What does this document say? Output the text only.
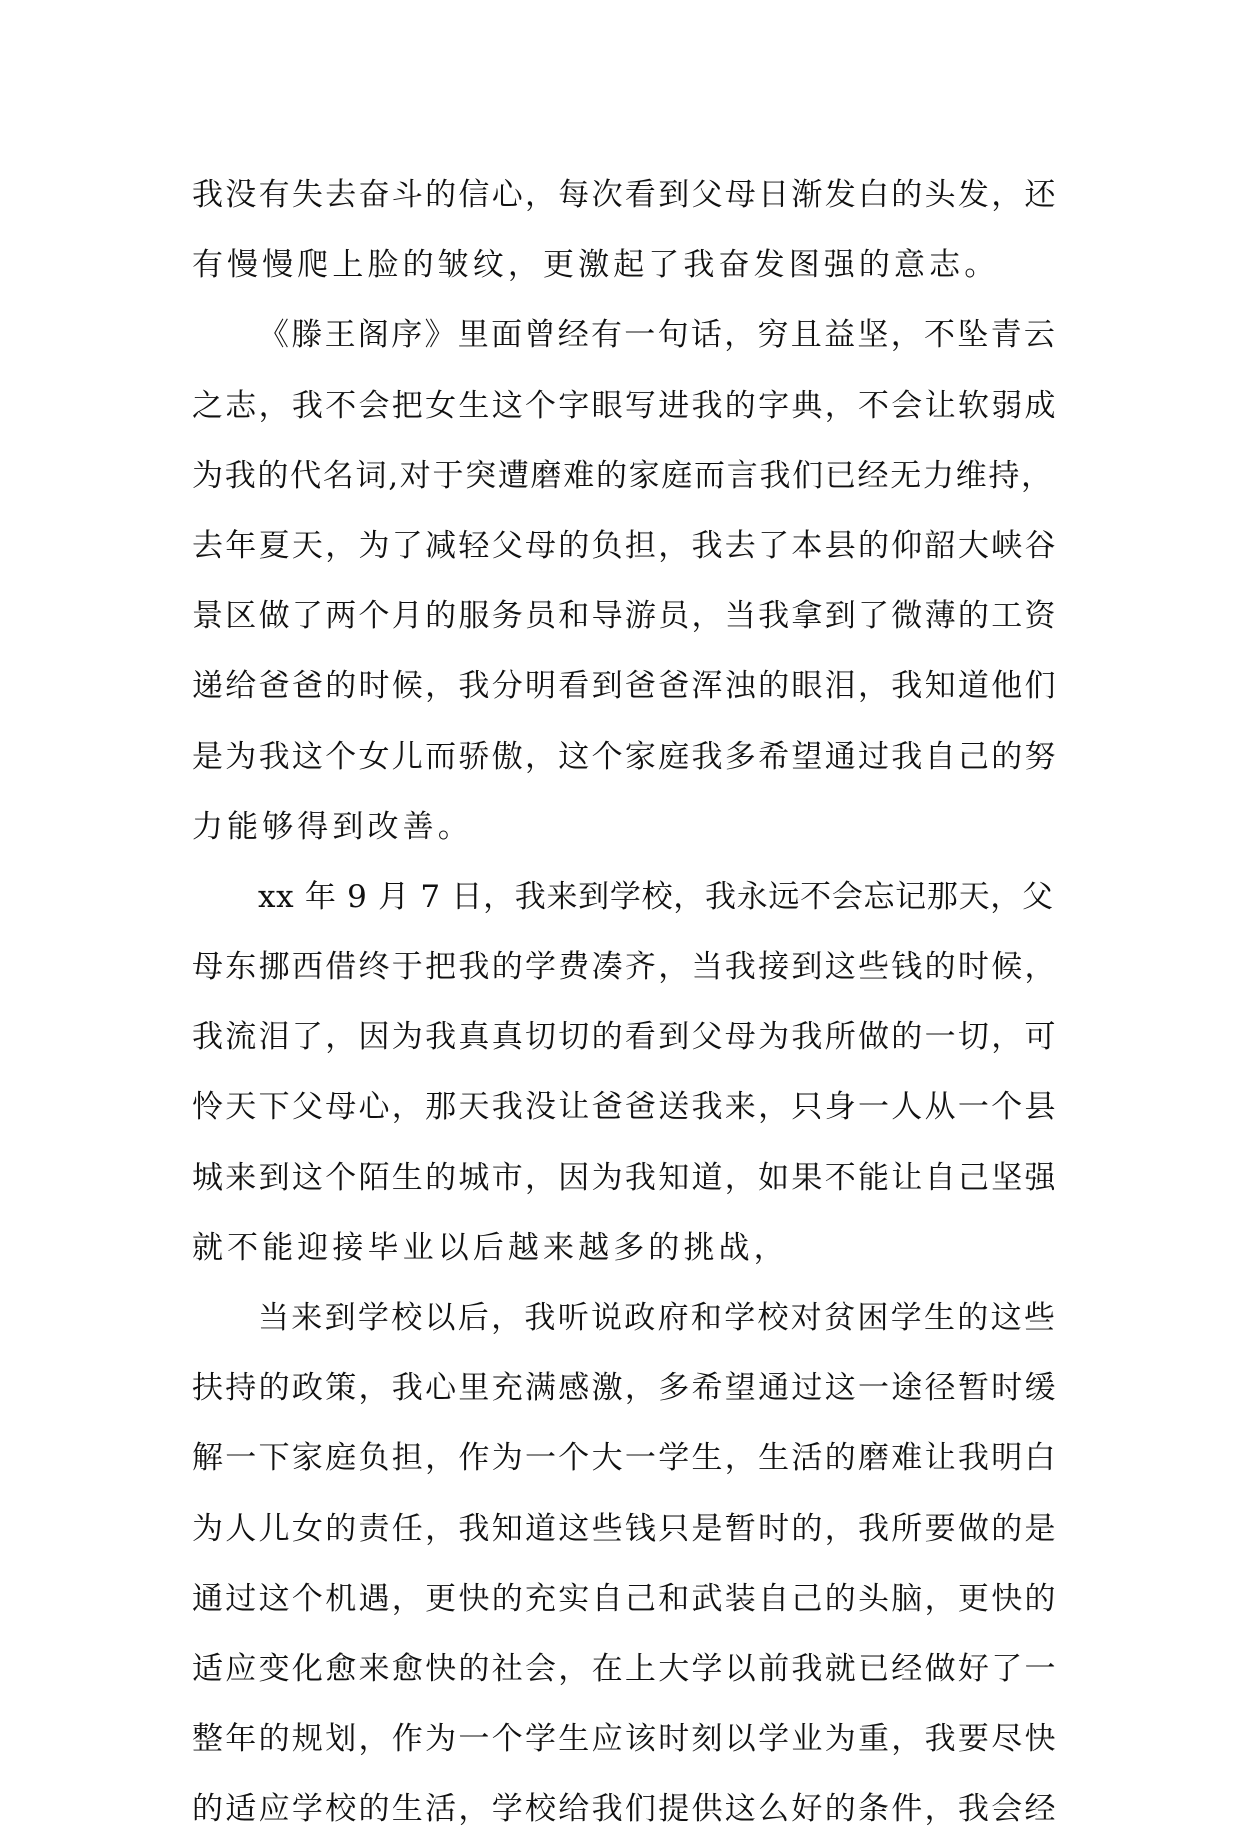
我没有失去奋斗的信心，每次看到父母日渐发白的头发，还
有慢慢爬上脸的皱纹，更激起了我奋发图强的意志。
《滕王阁序》里面曾经有一句话，穷且益坚，不坠青云
之志，我不会把女生这个字眼写进我的字典，不会让软弱成
为我的代名词,对于突遭磨难的家庭而言我们已经无力维持，
去年夏天，为了减轻父母的负担，我去了本县的仰韶大峡谷
景区做了两个月的服务员和导游员，当我拿到了微薄的工资
递给爸爸的时候，我分明看到爸爸浑浊的眼泪，我知道他们
是为我这个女儿而骄傲，这个家庭我多希望通过我自己的努
力能够得到改善。
xx 年 9 月 7 日，我来到学校，我永远不会忘记那天，父
母东挪西借终于把我的学费凑齐，当我接到这些钱的时候，
我流泪了，因为我真真切切的看到父母为我所做的一切，可
怜天下父母心，那天我没让爸爸送我来，只身一人从一个县
城来到这个陌生的城市，因为我知道，如果不能让自己坚强
就不能迎接毕业以后越来越多的挑战，
当来到学校以后，我听说政府和学校对贫困学生的这些
扶持的政策，我心里充满感激，多希望通过这一途径暂时缓
解一下家庭负担，作为一个大一学生，生活的磨难让我明白
为人儿女的责任，我知道这些钱只是暂时的，我所要做的是
通过这个机遇，更快的充实自己和武装自己的头脑，更快的
适应变化愈来愈快的社会，在上大学以前我就已经做好了一
整年的规划，作为一个学生应该时刻以学业为重，我要尽快
的适应学校的生活，学校给我们提供这么好的条件，我会经
